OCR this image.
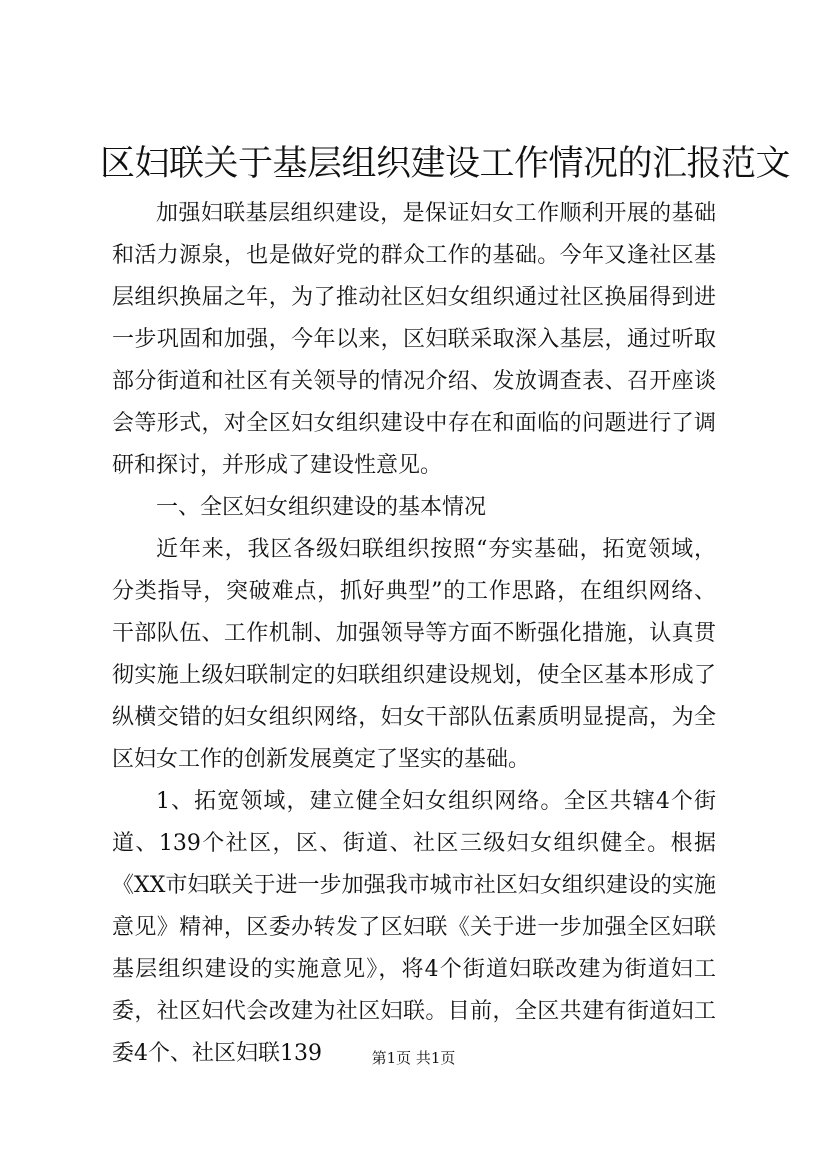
区妇联关于基层组织建设工作情况的汇报范文

加强妇联基层组织建设，是保证妇女工作顺利开展的基础和活力源泉，也是做好党的群众工作的基础。今年又逢社区基层组织换届之年，为了推动社区妇女组织通过社区换届得到进一步巩固和加强，今年以来，区妇联采取深入基层，通过听取部分街道和社区有关领导的情况介绍、发放调查表、召开座谈会等形式，对全区妇女组织建设中存在和面临的问题进行了调研和探讨，并形成了建设性意见。

一、全区妇女组织建设的基本情况

近年来，我区各级妇联组织按照“夯实基础，拓宽领域，分类指导，突破难点，抓好典型”的工作思路，在组织网络、干部队伍、工作机制、加强领导等方面不断强化措施，认真贯彻实施上级妇联制定的妇联组织建设规划，使全区基本形成了纵横交错的妇女组织网络，妇女干部队伍素质明显提高，为全区妇女工作的创新发展奠定了坚实的基础。

1、拓宽领域，建立健全妇女组织网络。全区共辖4个街道、139个社区，区、街道、社区三级妇女组织健全。根据《XX市妇联关于进一步加强我市城市社区妇女组织建设的实施意见》精神，区委办转发了区妇联《关于进一步加强全区妇联基层组织建设的实施意见》，将4个街道妇联改建为街道妇工委，社区妇代会改建为社区妇联。目前，全区共建有街道妇工委4个、社区妇联139	第1页 共1页
